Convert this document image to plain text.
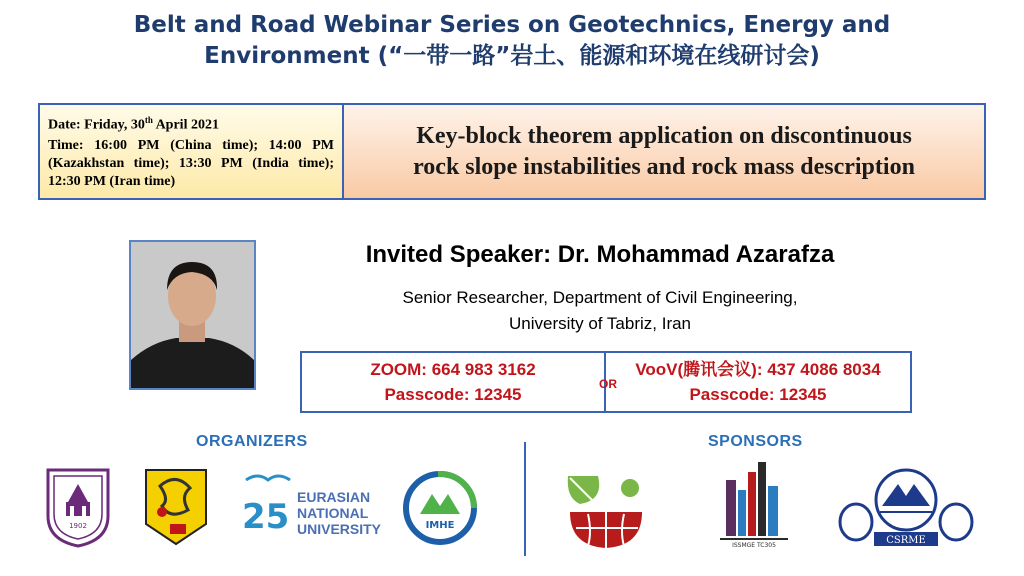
Belt and Road Webinar Series on Geotechnics, Energy and
Environment (“一带一路”岩土、能源和环境在线研讨会)
Date: Friday, 30th April 2021
Time: 16:00 PM (China time); 14:00 PM (Kazakhstan time); 13:30 PM (India time); 12:30 PM (Iran time)
Key-block theorem application on discontinuous
rock slope instabilities and rock mass description
Invited Speaker: Dr. Mohammad Azarafza
Senior Researcher, Department of Civil Engineering,
University of Tabriz, Iran
ZOOM: 664 983 3162
Passcode: 12345
VooV(腾讯会议): 437 4086 8034
Passcode: 12345
OR
ORGANIZERS	SPONSORS
1902	25 EURASIAN
NATIONAL
UNIVERSITY	IMHE
ISSMGE TC305	CSRME
